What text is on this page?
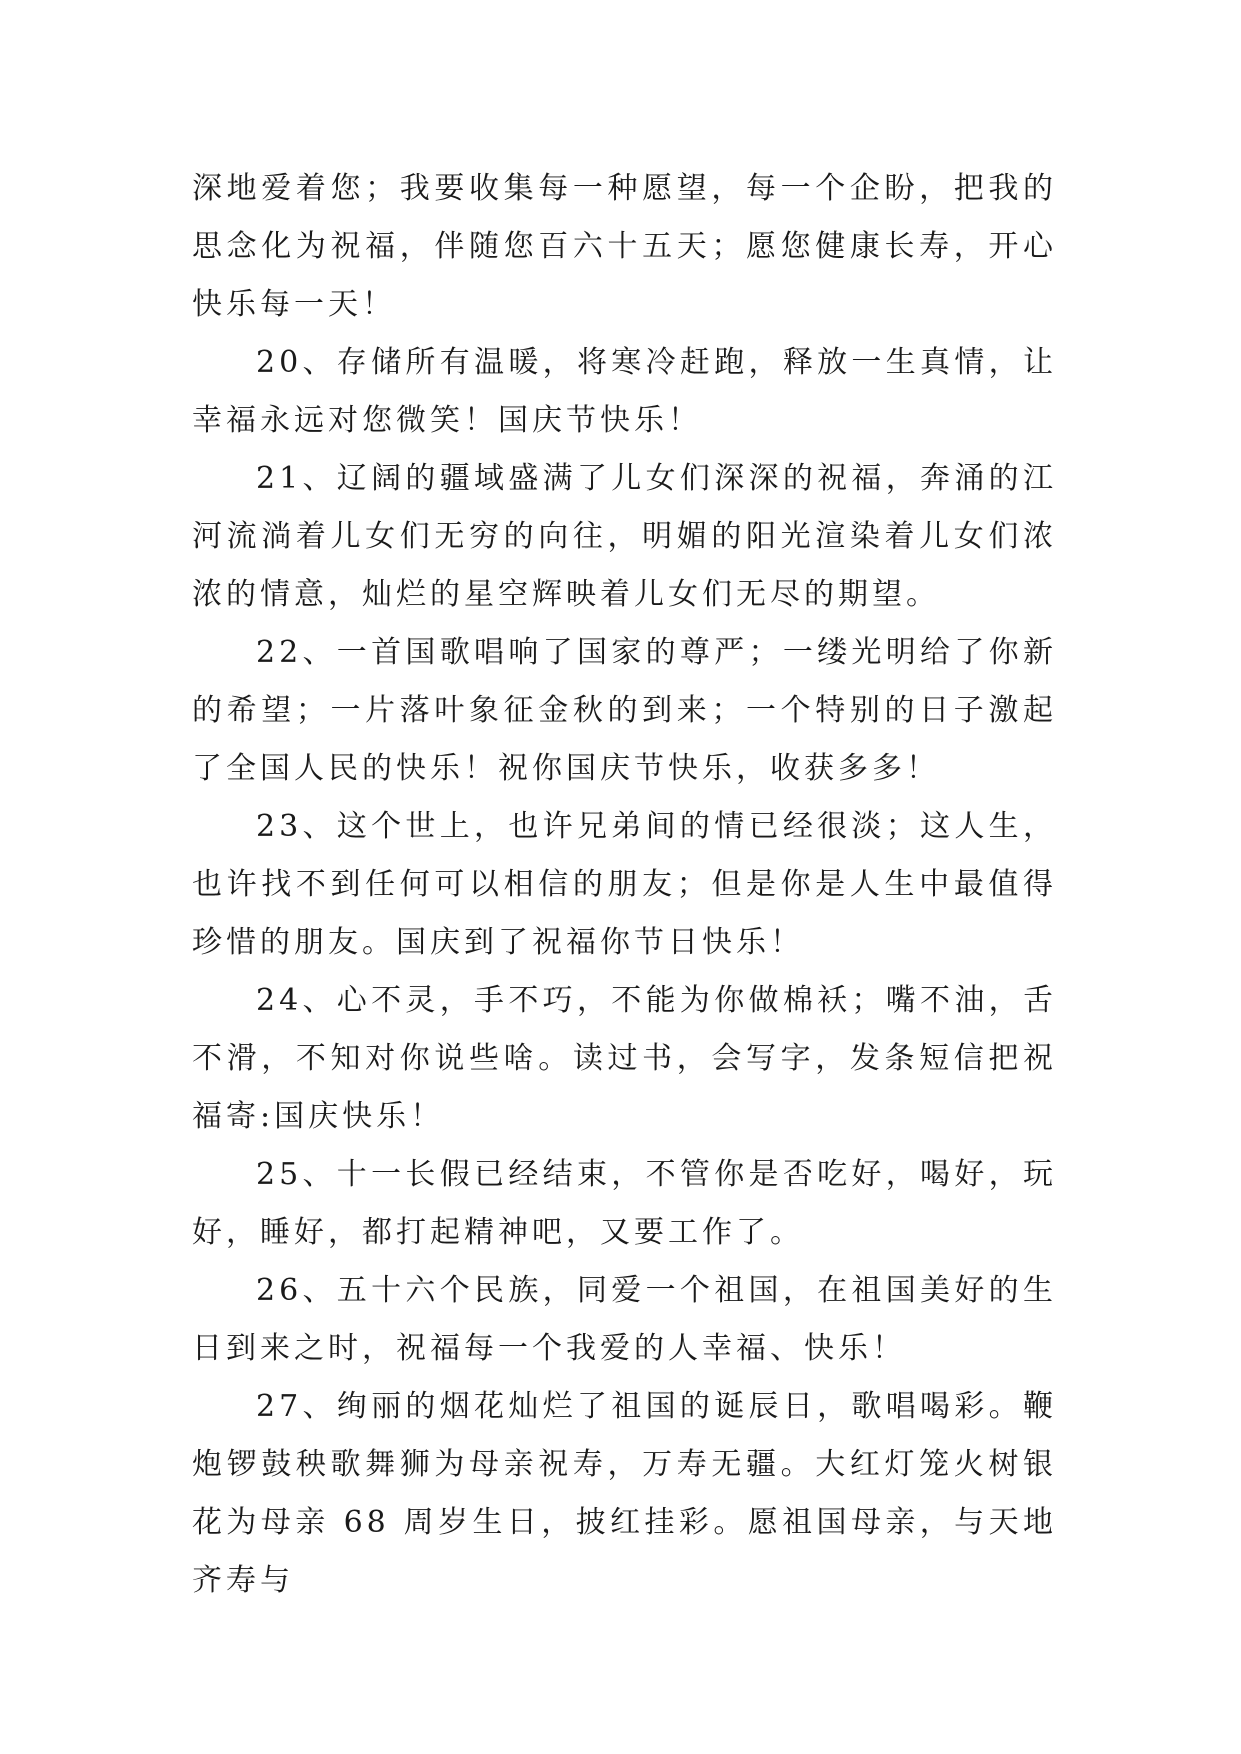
深地爱着您；我要收集每一种愿望，每一个企盼，把我的思念化为祝福，伴随您百六十五天；愿您健康长寿，开心快乐每一天！

20、存储所有温暖，将寒冷赶跑，释放一生真情，让幸福永远对您微笑！国庆节快乐！

21、辽阔的疆域盛满了儿女们深深的祝福，奔涌的江河流淌着儿女们无穷的向往，明媚的阳光渲染着儿女们浓浓的情意，灿烂的星空辉映着儿女们无尽的期望。

22、一首国歌唱响了国家的尊严；一缕光明给了你新的希望；一片落叶象征金秋的到来；一个特别的日子激起了全国人民的快乐！祝你国庆节快乐，收获多多！

23、这个世上，也许兄弟间的情已经很淡；这人生，也许找不到任何可以相信的朋友；但是你是人生中最值得珍惜的朋友。国庆到了祝福你节日快乐！

24、心不灵，手不巧，不能为你做棉袄；嘴不油，舌不滑，不知对你说些啥。读过书，会写字，发条短信把祝福寄:国庆快乐！

25、十一长假已经结束，不管你是否吃好，喝好，玩好，睡好，都打起精神吧，又要工作了。

26、五十六个民族，同爱一个祖国，在祖国美好的生日到来之时，祝福每一个我爱的人幸福、快乐！

27、绚丽的烟花灿烂了祖国的诞辰日，歌唱喝彩。鞭炮锣鼓秧歌舞狮为母亲祝寿，万寿无疆。大红灯笼火树银花为母亲 68 周岁生日，披红挂彩。愿祖国母亲，与天地齐寿与
